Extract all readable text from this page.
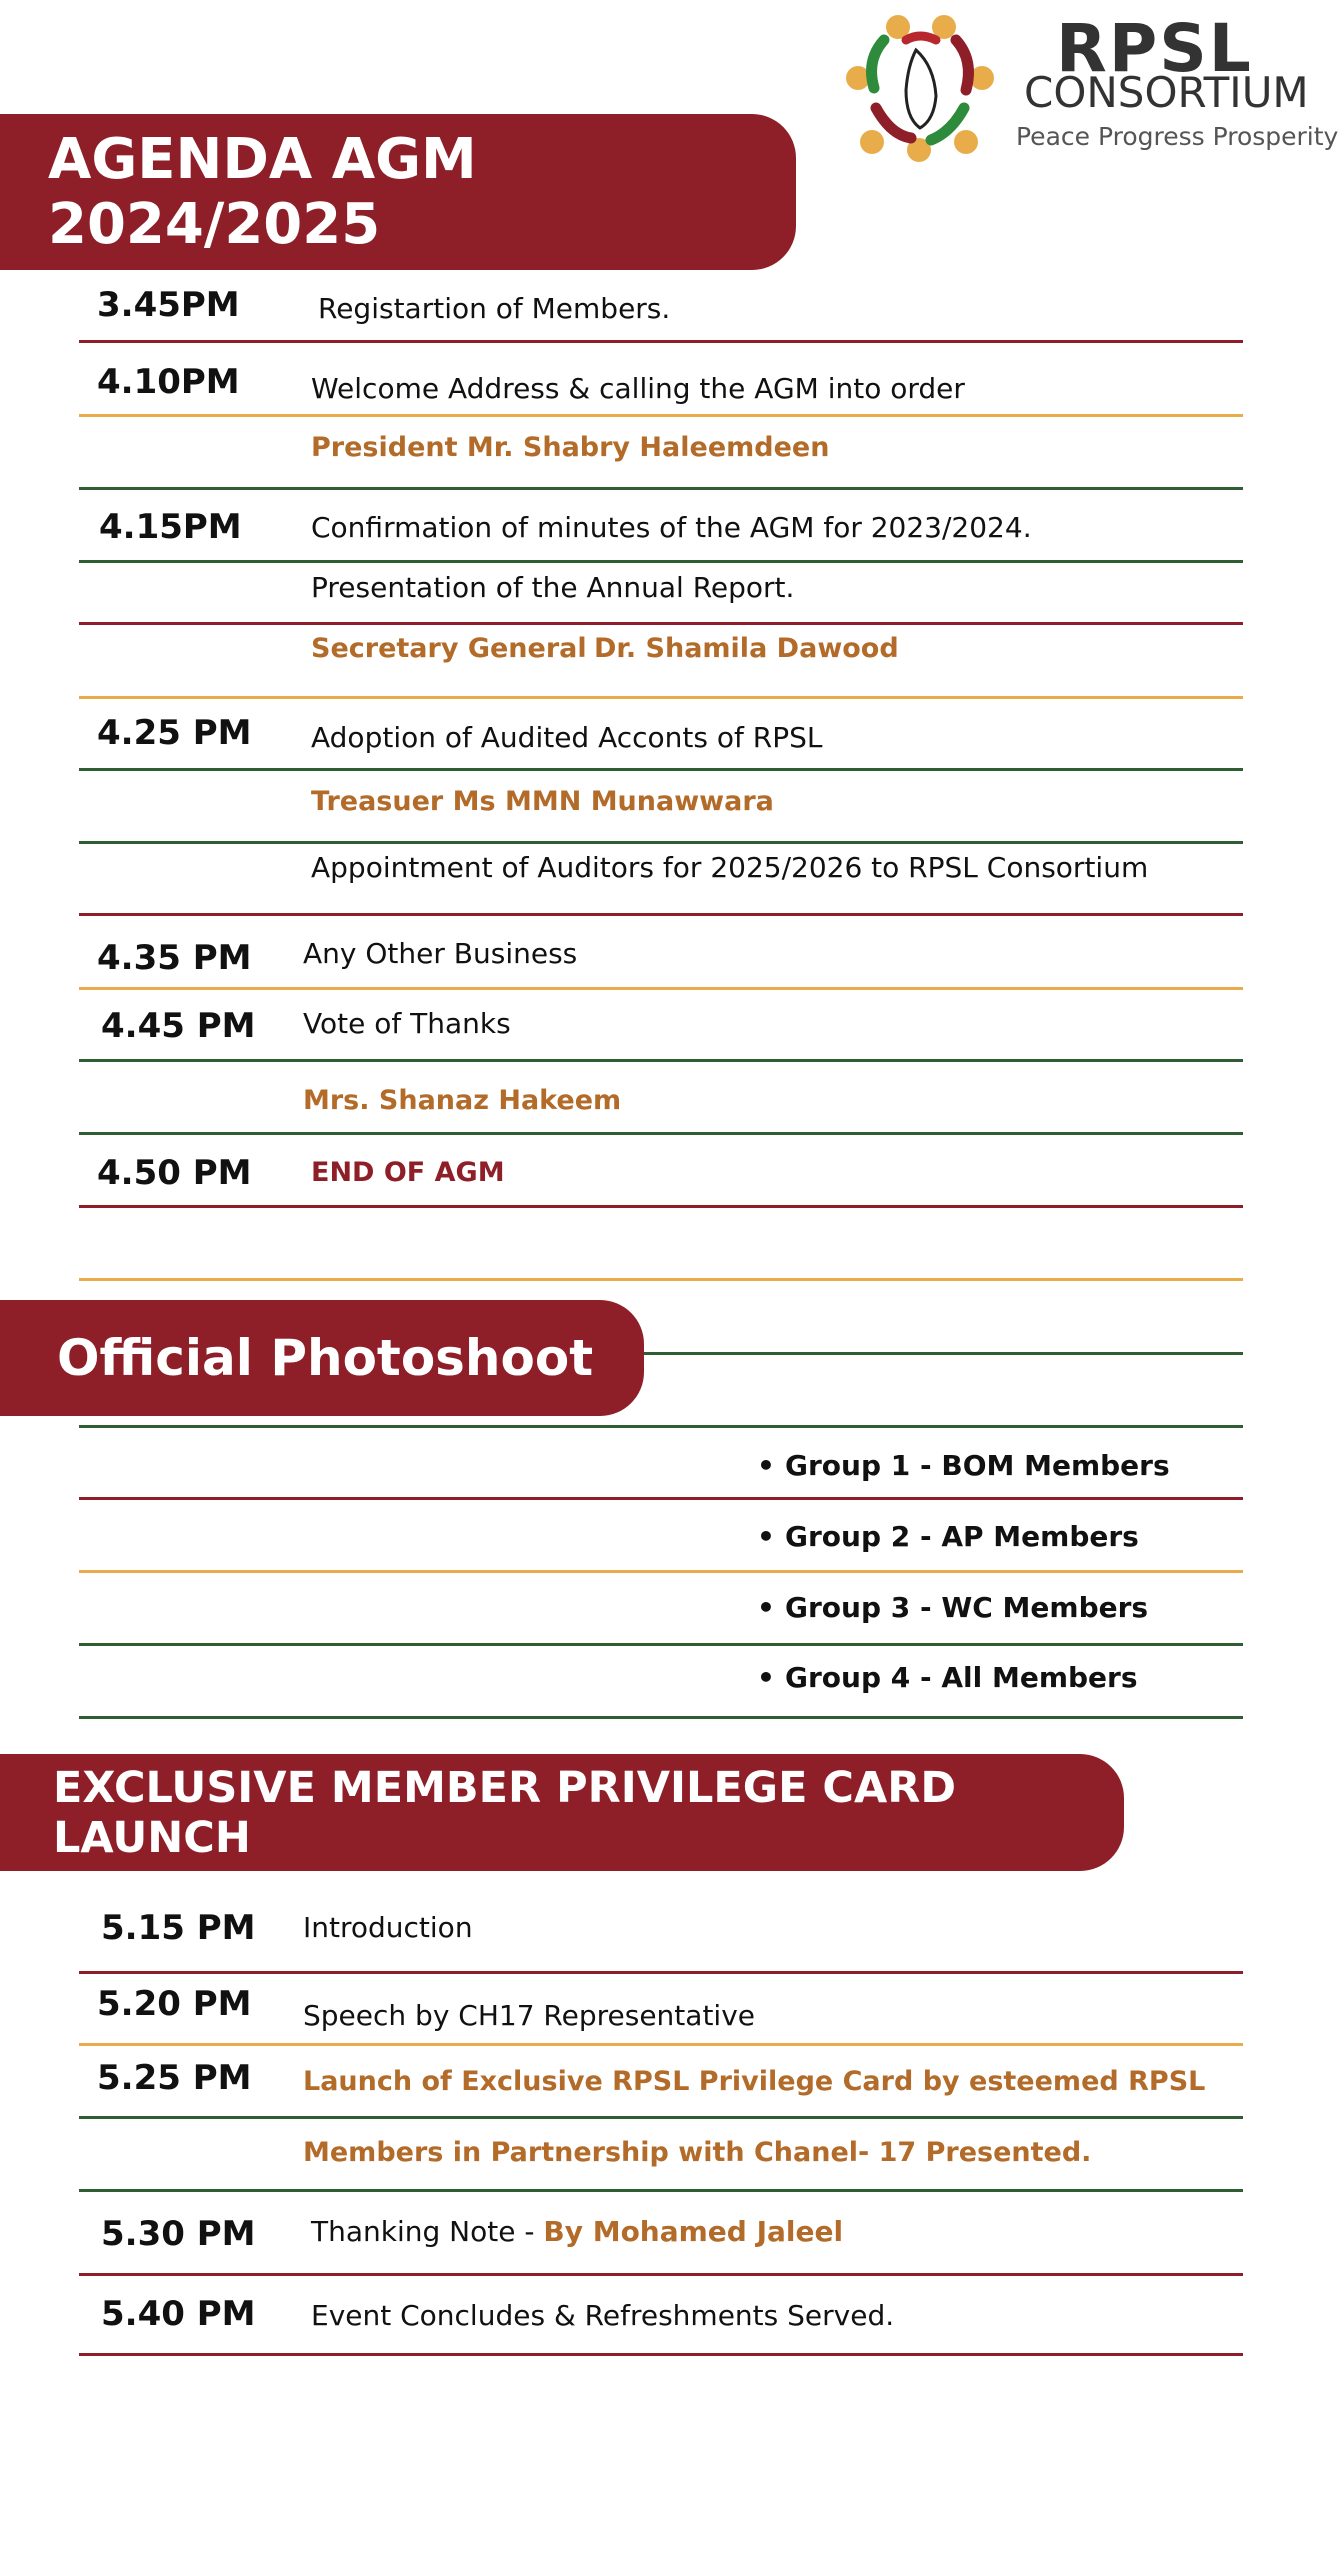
RPSL
CONSORTIUM
Peace Progress Prosperity
AGENDA AGM 2024/2025
3.45PM	Registartion of Members.
4.10PM	Welcome Address & calling the AGM into order
President Mr. Shabry Haleemdeen
4.15PM Confirmation of minutes of the AGM for 2023/2024.
Presentation of the Annual Report.
Secretary General Dr. Shamila Dawood
4.25 PM Adoption of Audited Acconts of RPSL
Treasuer Ms MMN Munawwara
Appointment of Auditors for 2025/2026 to RPSL Consortium
4.35 PM Any Other Business
4.45 PM Vote of Thanks
Mrs. Shanaz Hakeem
4.50 PM END OF AGM
Official Photoshoot
• Group 1 - BOM Members
• Group 2 - AP Members
• Group 3 - WC Members
• Group 4 - All Members
EXCLUSIVE MEMBER PRIVILEGE CARD LAUNCH
5.15 PM Introduction
5.20 PM Speech by CH17 Representative
5.25 PM Launch of Exclusive RPSL Privilege Card by esteemed RPSL
Members in Partnership with Chanel- 17 Presented.
5.30 PM Thanking Note - By Mohamed Jaleel
5.40 PM Event Concludes & Refreshments Served.
